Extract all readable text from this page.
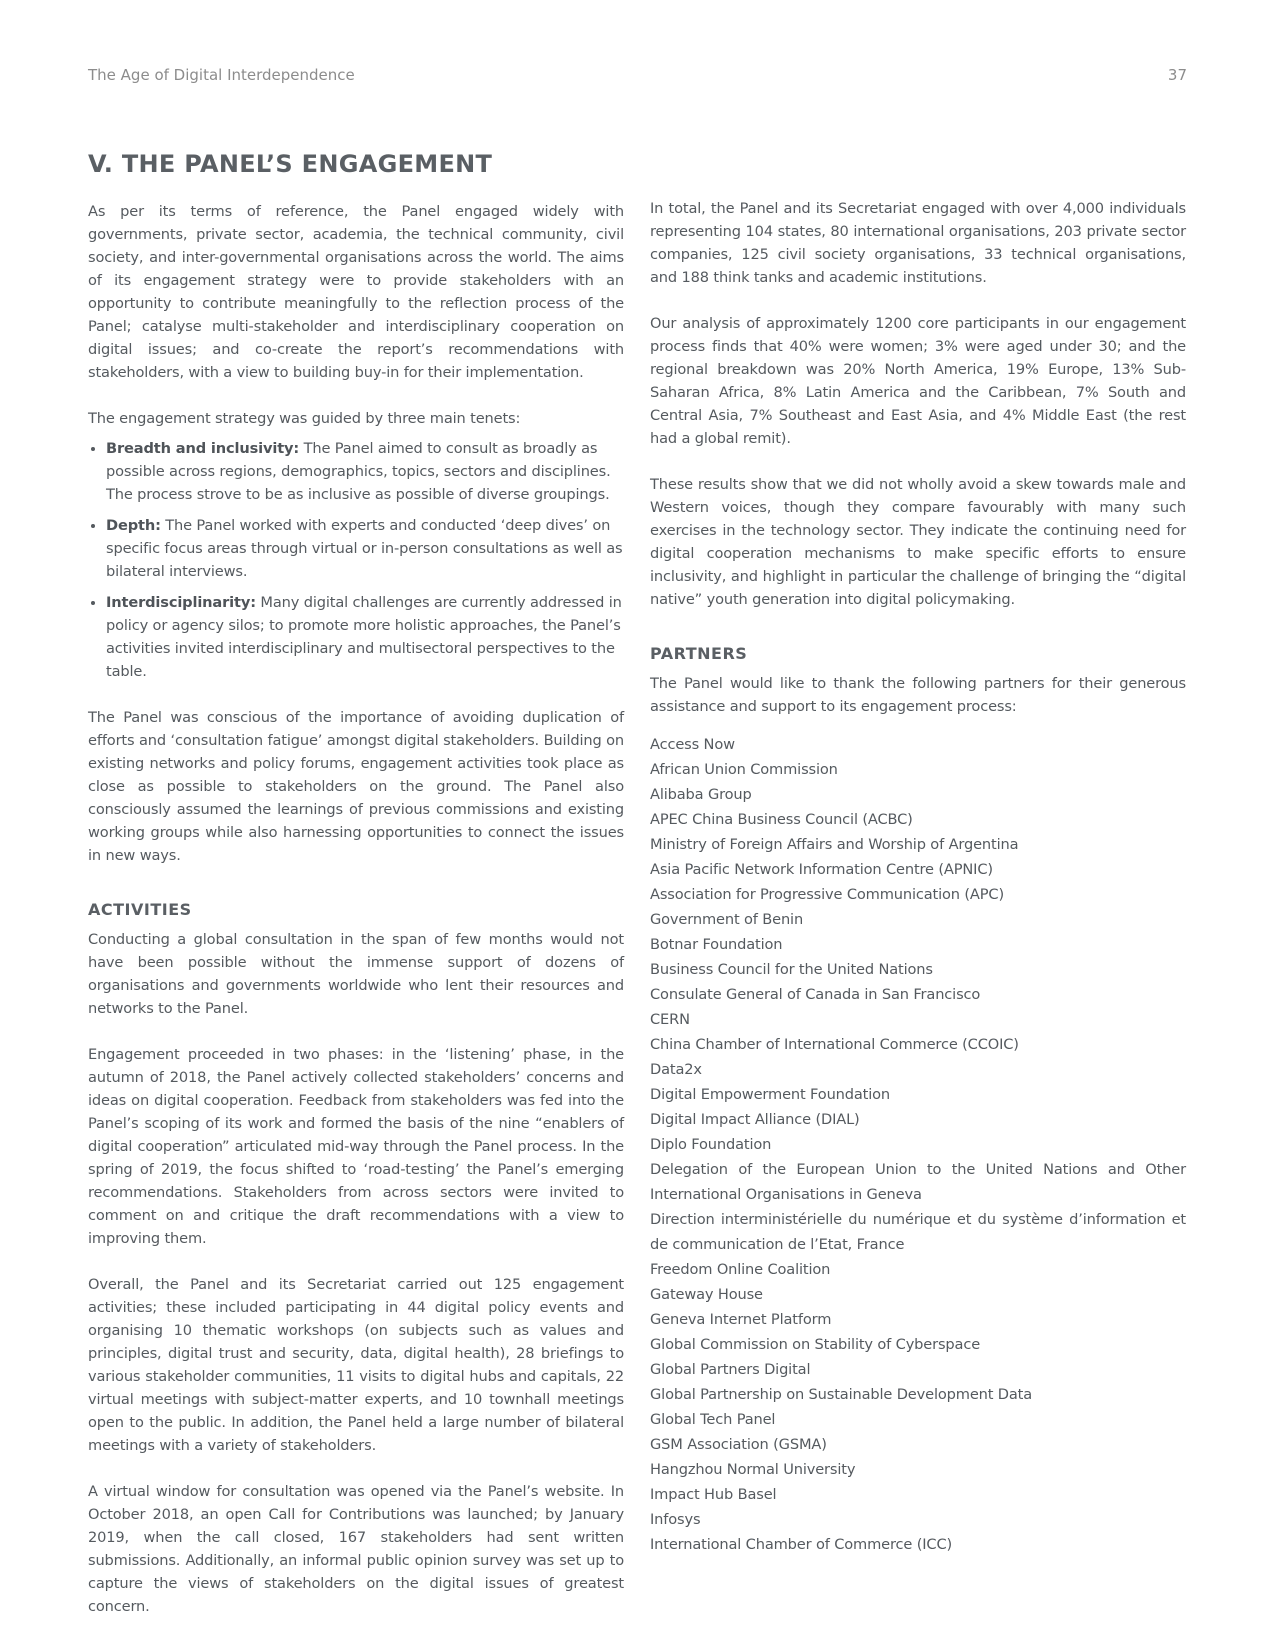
The Age of Digital Interdependence	37
V. THE PANEL’S ENGAGEMENT

As per its terms of reference, the Panel engaged widely with governments, private sector, academia, the technical community, civil society, and inter-governmental organisations across the world. The aims of its engagement strategy were to provide stakeholders with an opportunity to contribute meaningfully to the reflection process of the Panel; catalyse multi-stakeholder and interdisciplinary cooperation on digital issues; and co-create the report’s recommendations with stakeholders, with a view to building buy-in for their implementation.

The engagement strategy was guided by three main tenets:

• Breadth and inclusivity: The Panel aimed to consult as broadly as possible across regions, demographics, topics, sectors and disciplines. The process strove to be as inclusive as possible of diverse groupings.
• Depth: The Panel worked with experts and conducted ‘deep dives’ on specific focus areas through virtual or in-person consultations as well as bilateral interviews.
• Interdisciplinarity: Many digital challenges are currently addressed in policy or agency silos; to promote more holistic approaches, the Panel’s activities invited interdisciplinary and multisectoral perspectives to the table.

The Panel was conscious of the importance of avoiding duplication of efforts and ‘consultation fatigue’ amongst digital stakeholders. Building on existing networks and policy forums, engagement activities took place as close as possible to stakeholders on the ground. The Panel also consciously assumed the learnings of previous commissions and existing working groups while also harnessing opportunities to connect the issues in new ways.

ACTIVITIES

Conducting a global consultation in the span of few months would not have been possible without the immense support of dozens of organisations and governments worldwide who lent their resources and networks to the Panel.

Engagement proceeded in two phases: in the ‘listening’ phase, in the autumn of 2018, the Panel actively collected stakeholders’ concerns and ideas on digital cooperation. Feedback from stakeholders was fed into the Panel’s scoping of its work and formed the basis of the nine “enablers of digital cooperation” articulated mid-way through the Panel process. In the spring of 2019, the focus shifted to ‘road-testing’ the Panel’s emerging recommendations. Stakeholders from across sectors were invited to comment on and critique the draft recommendations with a view to improving them.

Overall, the Panel and its Secretariat carried out 125 engagement activities; these included participating in 44 digital policy events and organising 10 thematic workshops (on subjects such as values and principles, digital trust and security, data, digital health), 28 briefings to various stakeholder communities, 11 visits to digital hubs and capitals, 22 virtual meetings with subject-matter experts, and 10 townhall meetings open to the public. In addition, the Panel held a large number of bilateral meetings with a variety of stakeholders.

A virtual window for consultation was opened via the Panel’s website. In October 2018, an open Call for Contributions was launched; by January 2019, when the call closed, 167 stakeholders had sent written submissions. Additionally, an informal public opinion survey was set up to capture the views of stakeholders on the digital issues of greatest concern.

In total, the Panel and its Secretariat engaged with over 4,000 individuals representing 104 states, 80 international organisations, 203 private sector companies, 125 civil society organisations, 33 technical organisations, and 188 think tanks and academic institutions.

Our analysis of approximately 1200 core participants in our engagement process finds that 40% were women; 3% were aged under 30; and the regional breakdown was 20% North America, 19% Europe, 13% Sub-Saharan Africa, 8% Latin America and the Caribbean, 7% South and Central Asia, 7% Southeast and East Asia, and 4% Middle East (the rest had a global remit).

These results show that we did not wholly avoid a skew towards male and Western voices, though they compare favourably with many such exercises in the technology sector. They indicate the continuing need for digital cooperation mechanisms to make specific efforts to ensure inclusivity, and highlight in particular the challenge of bringing the “digital native” youth generation into digital policymaking.

PARTNERS

The Panel would like to thank the following partners for their generous assistance and support to its engagement process:

Access Now
African Union Commission
Alibaba Group
APEC China Business Council (ACBC)
Ministry of Foreign Affairs and Worship of Argentina
Asia Pacific Network Information Centre (APNIC)
Association for Progressive Communication (APC)
Government of Benin
Botnar Foundation
Business Council for the United Nations
Consulate General of Canada in San Francisco
CERN
China Chamber of International Commerce (CCOIC)
Data2x
Digital Empowerment Foundation
Digital Impact Alliance (DIAL)
Diplo Foundation
Delegation of the European Union to the United Nations and Other International Organisations in Geneva
Direction interministérielle du numérique et du système d’information et de communication de l’Etat, France
Freedom Online Coalition
Gateway House
Geneva Internet Platform
Global Commission on Stability of Cyberspace
Global Partners Digital
Global Partnership on Sustainable Development Data
Global Tech Panel
GSM Association (GSMA)
Hangzhou Normal University
Impact Hub Basel
Infosys
International Chamber of Commerce (ICC)
